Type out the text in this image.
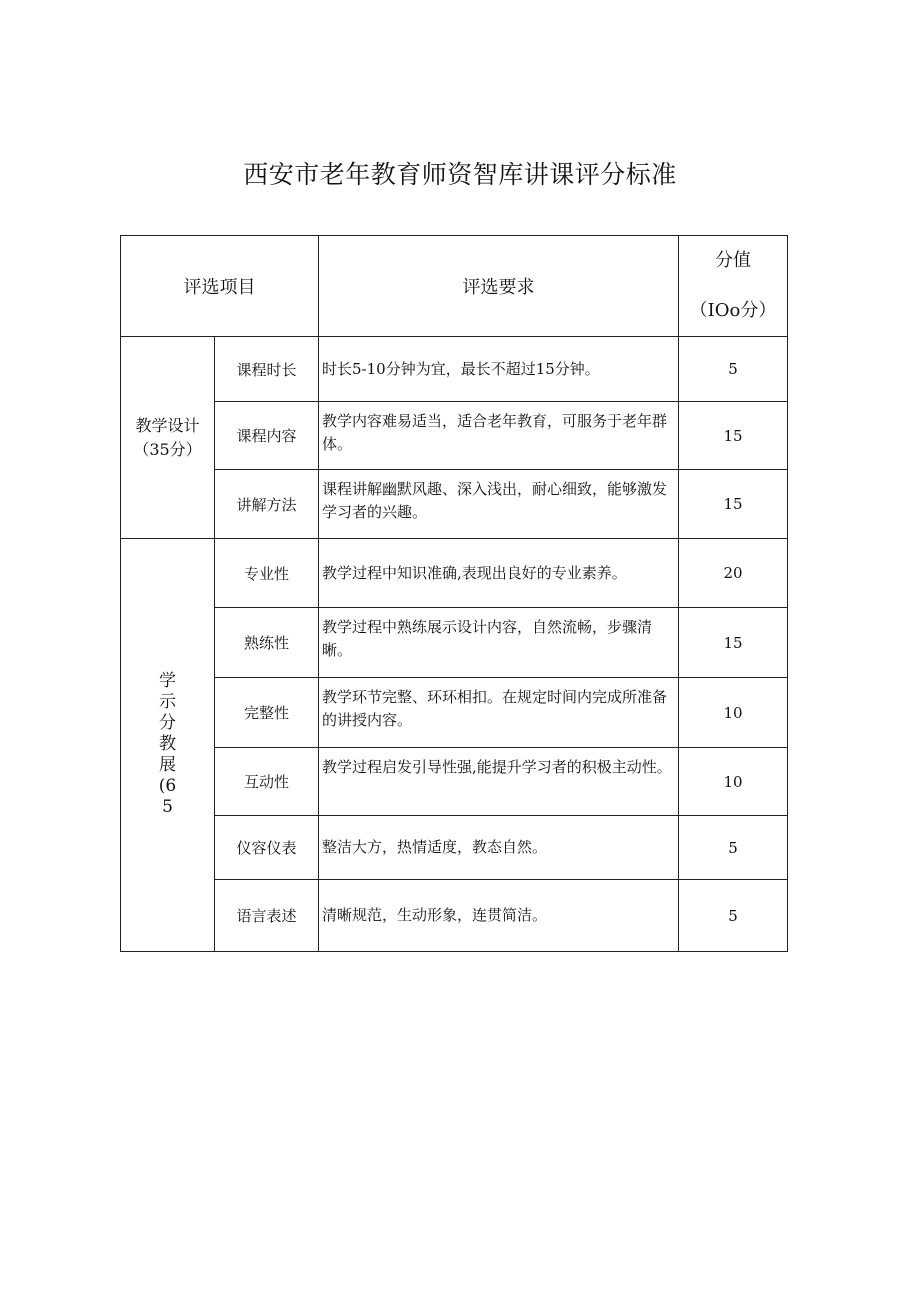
西安市老年教育师资智库讲课评分标准
评选项目		评选要求	分值
（IOo分）

教学设计
（35分）	课程时长	时长5-10分钟为宜，最长不超过15分钟。	5
	课程内容	教学内容难易适当，适合老年教育，可服务于老年群体。	15
	讲解方法	课程讲解幽默风趣、深入浅出，耐心细致，能够激发学习者的兴趣。	15
学示分教展(65	专业性	教学过程中知识准确,表现出良好的专业素养。	20
	熟练性	教学过程中熟练展示设计内容，自然流畅，步骤清晰。	15
	完整性	教学环节完整、环环相扣。在规定时间内完成所准备的讲授内容。	10
	互动性	教学过程启发引导性强,能提升学习者的积极主动性。	10
	仪容仪表	整洁大方，热情适度，教态自然。	5
	语言表述	清晰规范，生动形象，连贯简洁。	5
